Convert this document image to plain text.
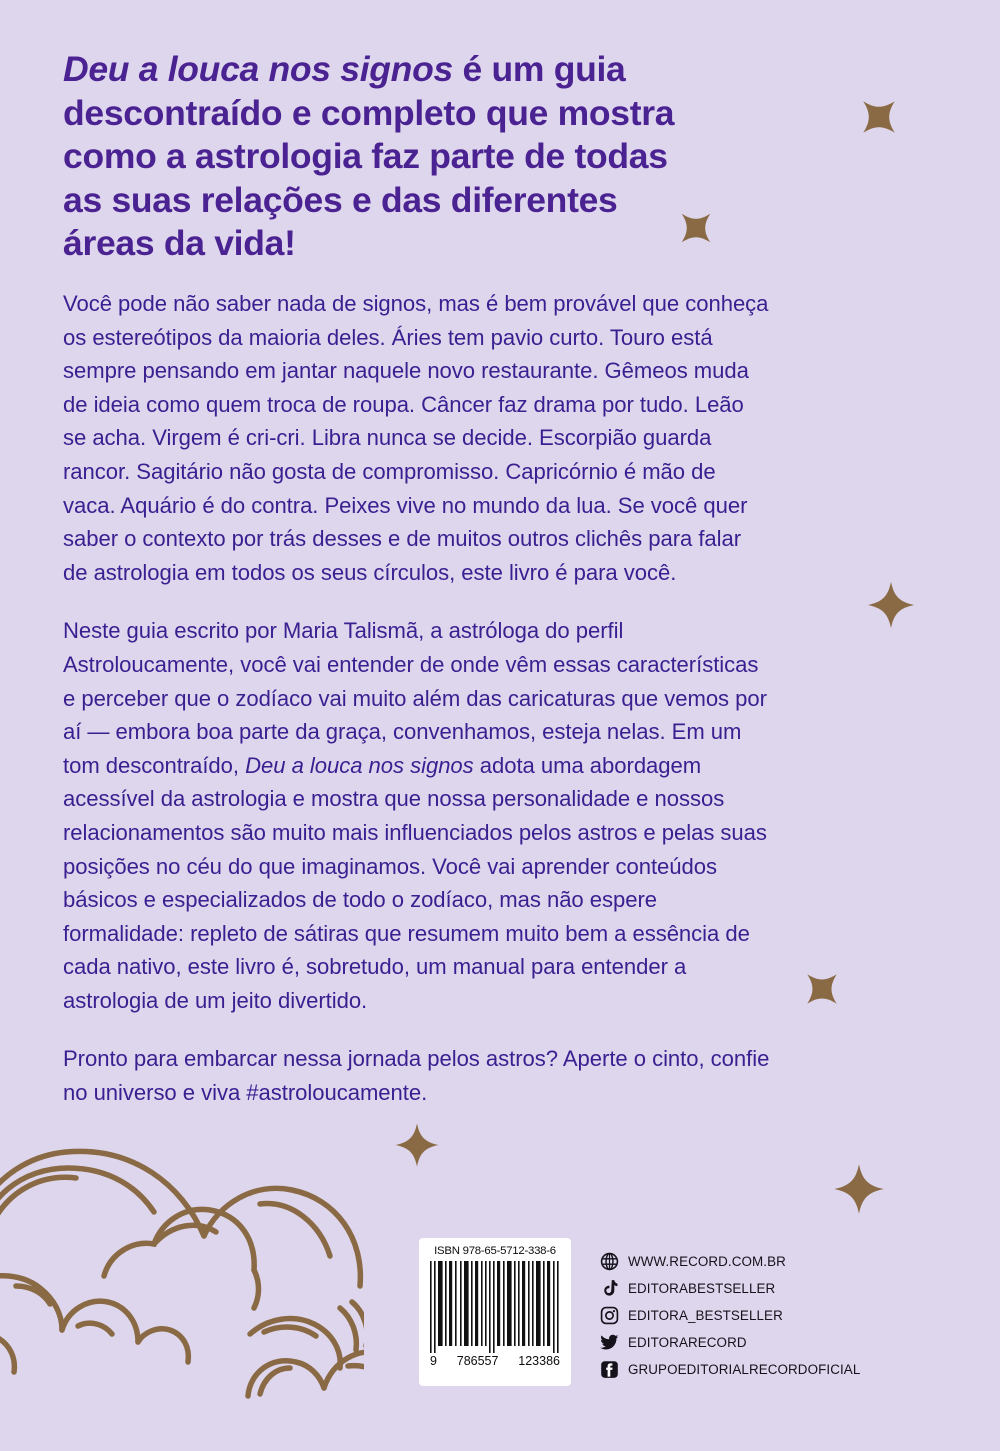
Deu a louca nos signos é um guia descontraído e completo que mostra como a astrologia faz parte de todas as suas relações e das diferentes áreas da vida!

Você pode não saber nada de signos, mas é bem provável que conheça os estereótipos da maioria deles. Áries tem pavio curto. Touro está sempre pensando em jantar naquele novo restaurante. Gêmeos muda de ideia como quem troca de roupa. Câncer faz drama por tudo. Leão se acha. Virgem é cri-cri. Libra nunca se decide. Escorpião guarda rancor. Sagitário não gosta de compromisso. Capricórnio é mão de vaca. Aquário é do contra. Peixes vive no mundo da lua. Se você quer saber o contexto por trás desses e de muitos outros clichês para falar de astrologia em todos os seus círculos, este livro é para você.

Neste guia escrito por Maria Talismã, a astróloga do perfil Astroloucamente, você vai entender de onde vêm essas características e perceber que o zodíaco vai muito além das caricaturas que vemos por aí — embora boa parte da graça, convenhamos, esteja nelas. Em um tom descontraído, Deu a louca nos signos adota uma abordagem acessível da astrologia e mostra que nossa personalidade e nossos relacionamentos são muito mais influenciados pelos astros e pelas suas posições no céu do que imaginamos. Você vai aprender conteúdos básicos e especializados de todo o zodíaco, mas não espere formalidade: repleto de sátiras que resumem muito bem a essência de cada nativo, este livro é, sobretudo, um manual para entender a astrologia de um jeito divertido.

Pronto para embarcar nessa jornada pelos astros? Aperte o cinto, confie no universo e viva #astroloucamente.

ISBN 978-65-5712-338-6
9 786557 123386
WWW.RECORD.COM.BR
EDITORABESTSELLER
EDITORA_BESTSELLER
EDITORARECORD
GRUPOEDITORIALRECORDOFICIAL
